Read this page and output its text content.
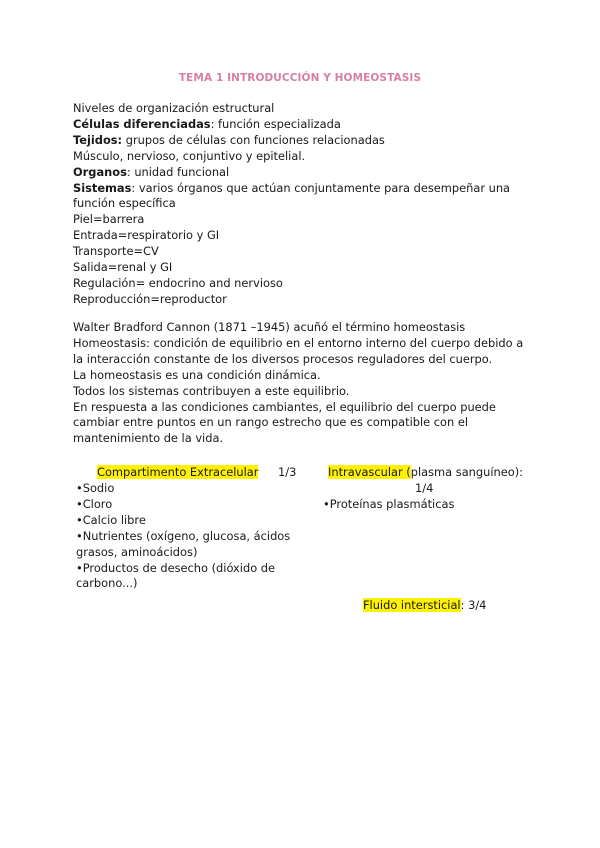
TEMA 1 INTRODUCCIÓN Y HOMEOSTASIS
Niveles de organización estructural
Células diferenciadas: función especializada
Tejidos: grupos de células con funciones relacionadas
Músculo, nervioso, conjuntivo y epitelial.
Organos: unidad funcional
Sistemas: varios órganos que actúan conjuntamente para desempeñar una función específica
Piel=barrera
Entrada=respiratorio y GI
Transporte=CV
Salida=renal y GI
Regulación= endocrino and nervioso
Reproducción=reproductor
Walter Bradford Cannon (1871 –1945) acuñó el término homeostasis
Homeostasis: condición de equilibrio en el entorno interno del cuerpo debido a
la interacción constante de los diversos procesos reguladores del cuerpo.
La homeostasis es una condición dinámica.
Todos los sistemas contribuyen a este equilibrio.
En respuesta a las condiciones cambiantes, el equilibrio del cuerpo puede
cambiar entre puntos en un rango estrecho que es compatible con el
mantenimiento de la vida.
Compartimento Extracelular 1/3	Intravascular (plasma sanguíneo):
1/4
•Sodio
•Cloro
•Calcio libre
•Nutrientes (oxígeno, glucosa, ácidos grasos, aminoácidos)
•Productos de desecho (dióxido de carbono...)
•Proteínas plasmáticas
Fluido intersticial: 3/4
